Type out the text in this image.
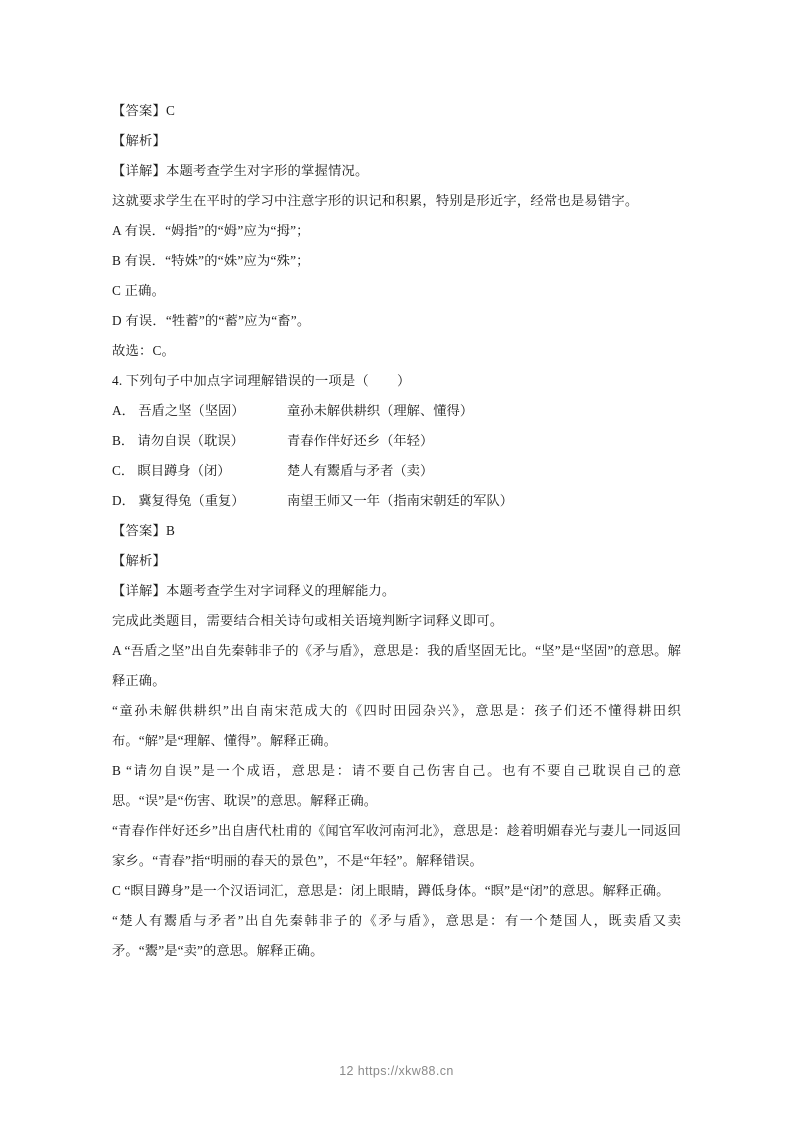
【答案】C

【解析】

【详解】本题考查学生对字形的掌握情况。

这就要求学生在平时的学习中注意字形的识记和积累，特别是形近字，经常也是易错字。

A 有误．“姆指”的“姆”应为“拇”；

B 有误．“特姝”的“姝”应为“殊”；

C 正确。

D 有误．“牲蓄”的“蓄”应为“畜”。

故选：C。

4. 下列句子中加点字词理解错误的一项是（        ）

A． 吾盾之坚（坚固）	童孙未解供耕织（理解、懂得）

B． 请勿自误（耽误）	青春作伴好还乡（年轻）

C． 瞑目蹲身（闭）	楚人有鬻盾与矛者（卖）

D． 冀复得兔（重复）	南望王师又一年（指南宋朝廷的军队）

【答案】B

【解析】

【详解】本题考查学生对字词释义的理解能力。

完成此类题目，需要结合相关诗句或相关语境判断字词释义即可。

A “吾盾之坚”出自先秦韩非子的《矛与盾》，意思是：我的盾坚固无比。“坚”是“坚固”的意思。解释正确。

“童孙未解供耕织”出自南宋范成大的《四时田园杂兴》，意思是：孩子们还不懂得耕田织布。“解”是“理解、懂得”。解释正确。

B “请勿自误”是一个成语，意思是：请不要自己伤害自己。也有不要自己耽误自己的意思。“误”是“伤害、耽误”的意思。解释正确。

“青春作伴好还乡”出自唐代杜甫的《闻官军收河南河北》，意思是：趁着明媚春光与妻儿一同返回家乡。“青春”指“明丽的春天的景色”，不是“年轻”。解释错误。

C “瞑目蹲身”是一个汉语词汇，意思是：闭上眼睛，蹲低身体。“瞑”是“闭”的意思。解释正确。

“楚人有鬻盾与矛者”出自先秦韩非子的《矛与盾》，意思是：有一个楚国人，既卖盾又卖矛。“鬻”是“卖”的意思。解释正确。

12 https://xkw88.cn
